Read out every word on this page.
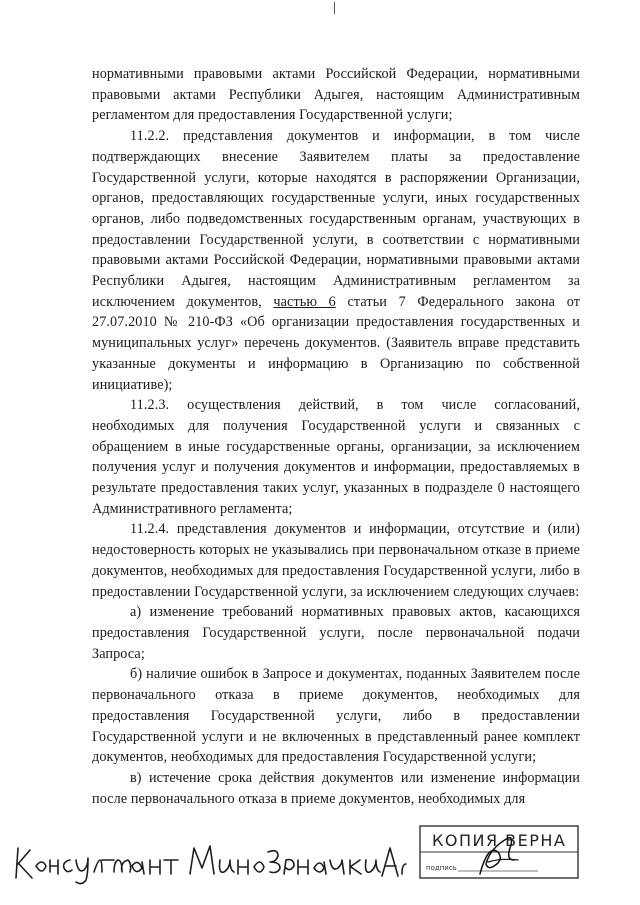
нормативными правовыми актами Российской Федерации, нормативными правовыми актами Республики Адыгея, настоящим Административным регламентом для предоставления Государственной услуги;

11.2.2. представления документов и информации, в том числе подтверждающих внесение Заявителем платы за предоставление Государственной услуги, которые находятся в распоряжении Организации, органов, предоставляющих государственные услуги, иных государственных органов, либо подведомственных государственным органам, участвующих в предоставлении Государственной услуги, в соответствии с нормативными правовыми актами Российской Федерации, нормативными правовыми актами Республики Адыгея, настоящим Административным регламентом за исключением документов, частью 6 статьи 7 Федерального закона от 27.07.2010 № 210-ФЗ «Об организации предоставления государственных и муниципальных услуг» перечень документов. (Заявитель вправе представить указанные документы и информацию в Организацию по собственной инициативе);

11.2.3. осуществления действий, в том числе согласований, необходимых для получения Государственной услуги и связанных с обращением в иные государственные органы, организации, за исключением получения услуг и получения документов и информации, предоставляемых в результате предоставления таких услуг, указанных в подразделе 0 настоящего Административного регламента;

11.2.4. представления документов и информации, отсутствие и (или) недостоверность которых не указывались при первоначальном отказе в приеме документов, необходимых для предоставления Государственной услуги, либо в предоставлении Государственной услуги, за исключением следующих случаев:

а) изменение требований нормативных правовых актов, касающихся предоставления Государственной услуги, после первоначальной подачи Запроса;

б) наличие ошибок в Запросе и документах, поданных Заявителем после первоначального отказа в приеме документов, необходимых для предоставления Государственной услуги, либо в предоставлении Государственной услуги и не включенных в представленный ранее комплект документов, необходимых для предоставления Государственной услуги;

в) истечение срока действия документов или изменение информации после первоначального отказа в приеме документов, необходимых для

КОПИЯ ВЕРНА
подпись
